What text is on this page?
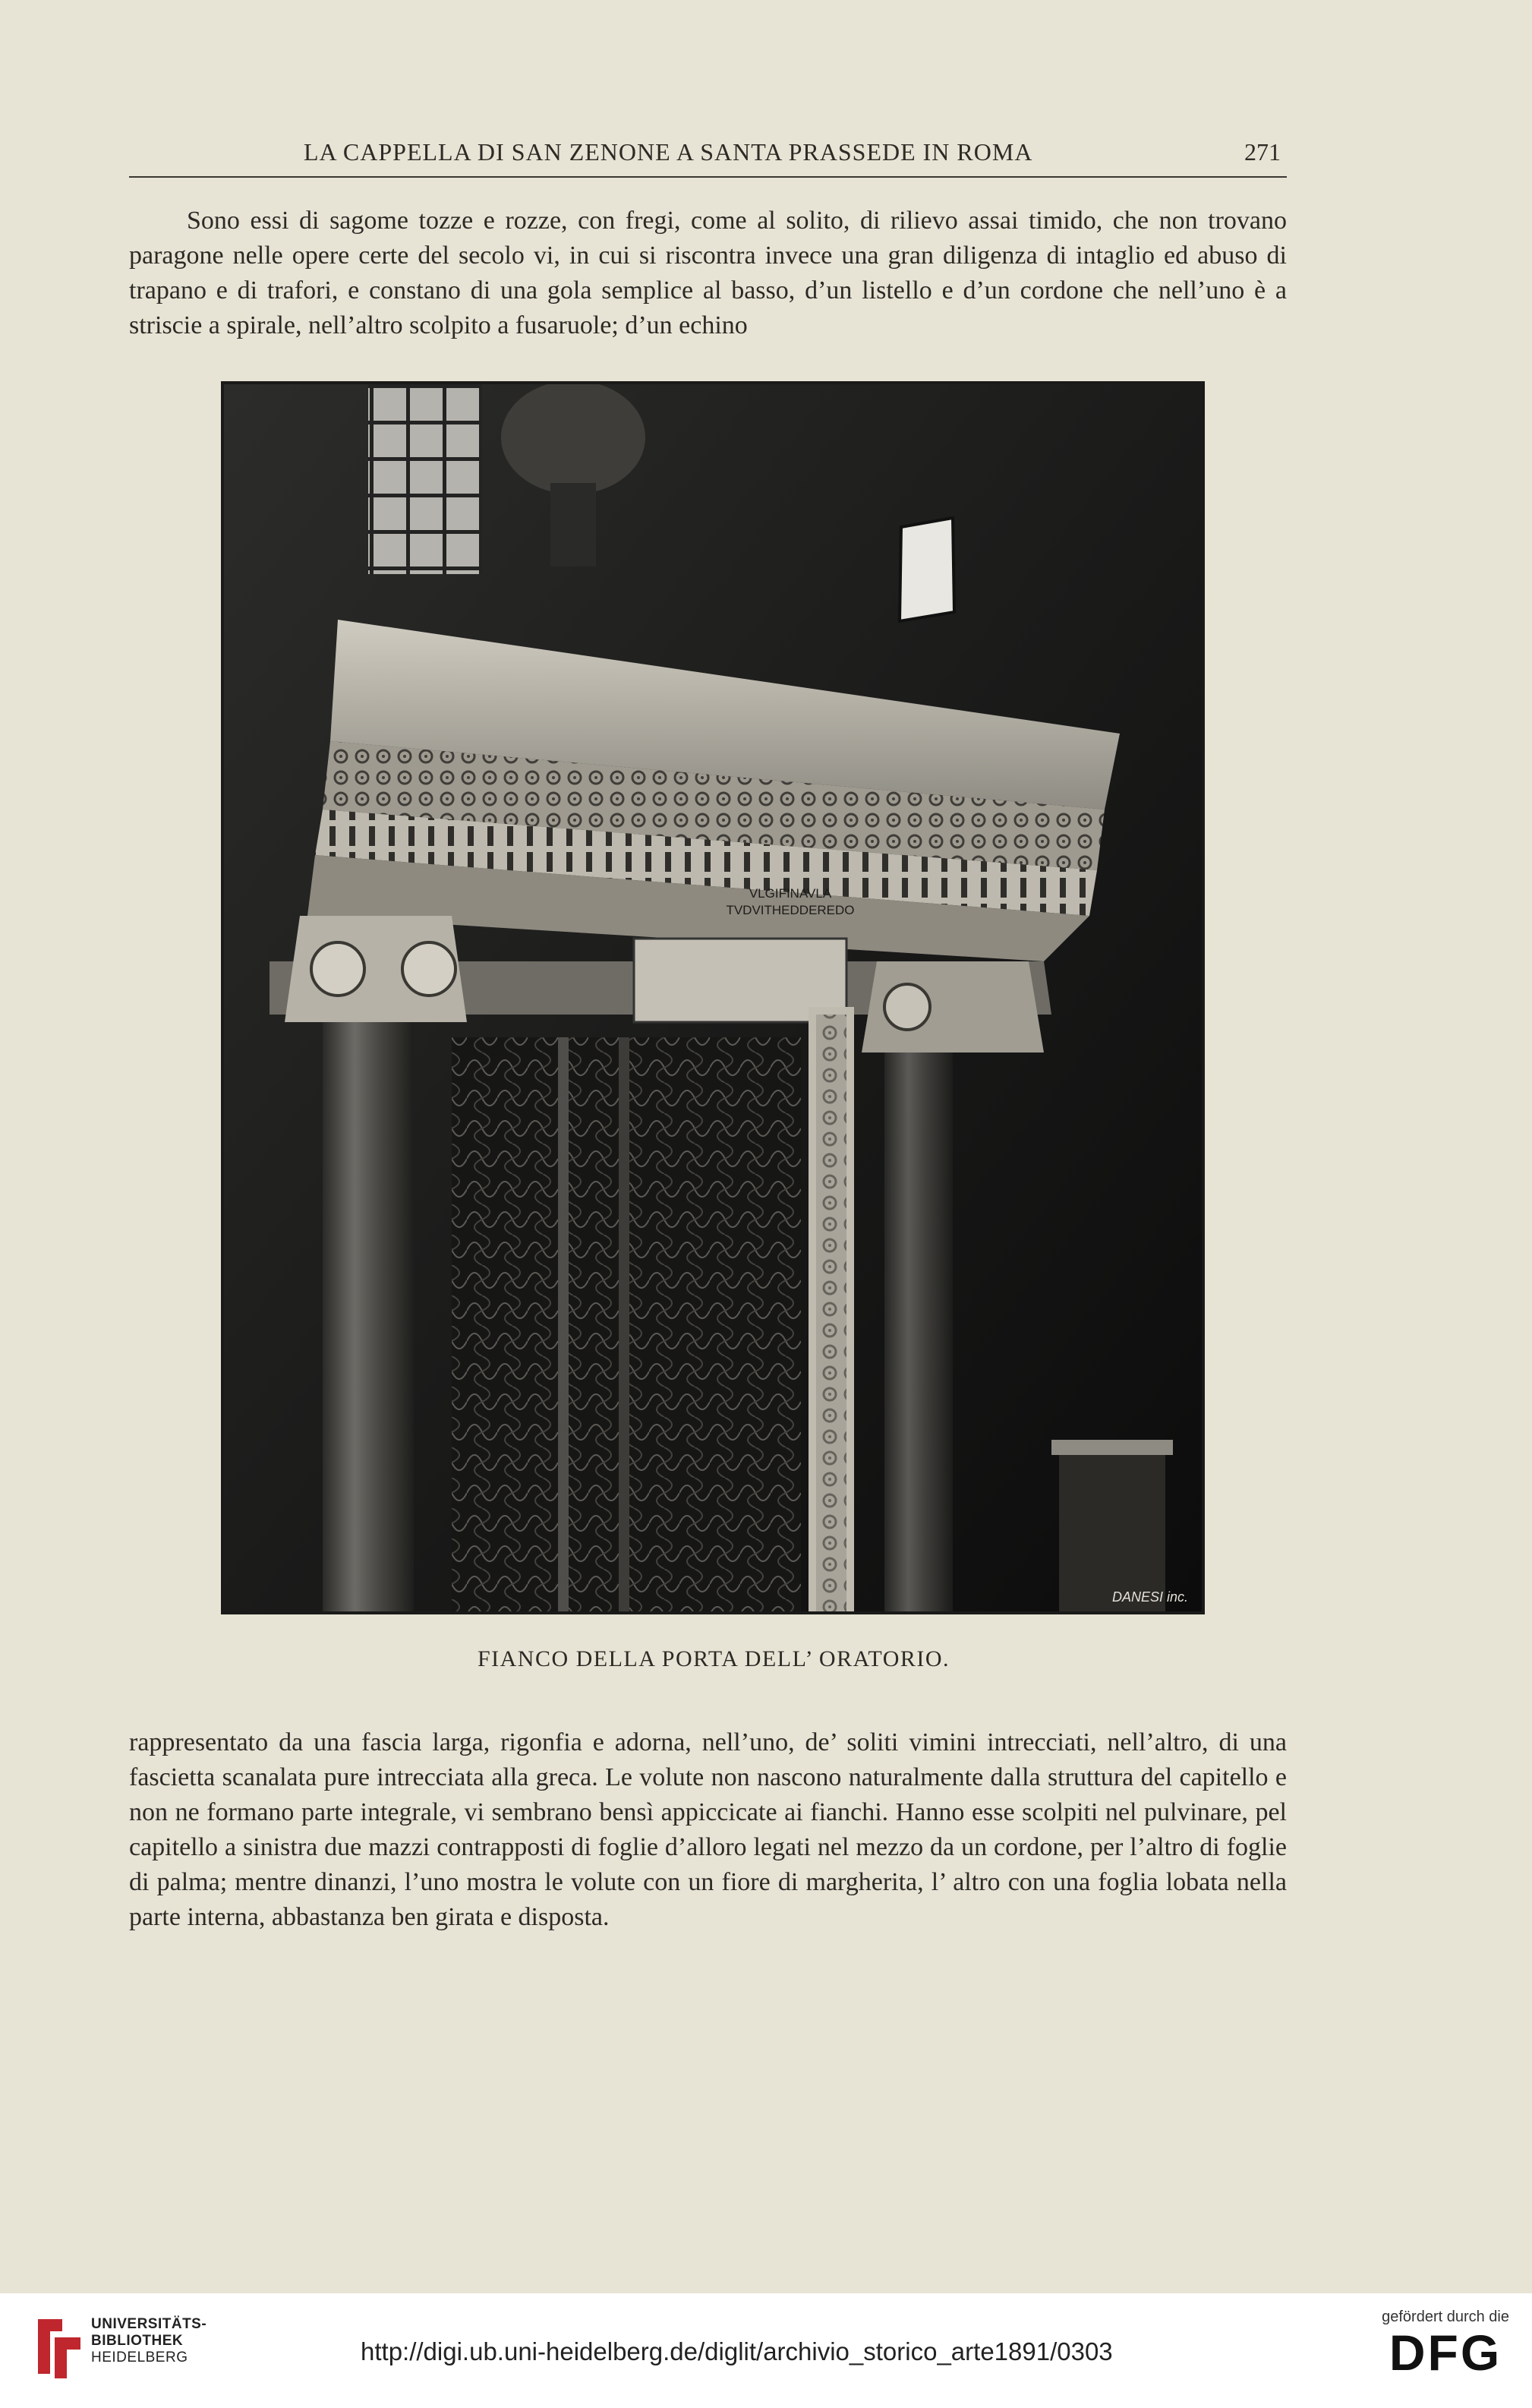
LA CAPPELLA DI SAN ZENONE A SANTA PRASSEDE IN ROMA	271

Sono essi di sagome tozze e rozze, con fregi, come al solito, di rilievo assai timido, che non trovano paragone nelle opere certe del secolo vi, in cui si riscontra invece una gran diligenza di intaglio ed abuso di trapano e di trafori, e constano di una gola semplice al basso, d’un listello e d’un cordone che nell’uno è a striscie a spirale, nell’altro scolpito a fusaruole; d’un echino

VLGIFINAVLA
TVDVITHEDDEREDO
DANESI inc.
FIANCO DELLA PORTA DELL’ ORATORIO.

rappresentato da una fascia larga, rigonfia e adorna, nell’uno, de’ soliti vimini intrecciati, nell’altro, di una fascietta scanalata pure intrecciata alla greca. Le volute non nascono naturalmente dalla struttura del capitello e non ne formano parte integrale, vi sembrano bensì appiccicate ai fianchi. Hanno esse scolpiti nel pulvinare, pel capitello a sinistra due mazzi contrapposti di foglie d’alloro legati nel mezzo da un cordone, per l’altro di foglie di palma; mentre dinanzi, l’uno mostra le volute con un fiore di margherita, l’ altro con una foglia lobata nella parte interna, abbastanza ben girata e disposta.

UNIVERSITÄTS-
BIBLIOTHEK
HEIDELBERG	http://digi.ub.uni-heidelberg.de/diglit/archivio_storico_arte1891/0303
gefördert durch die
DFG
